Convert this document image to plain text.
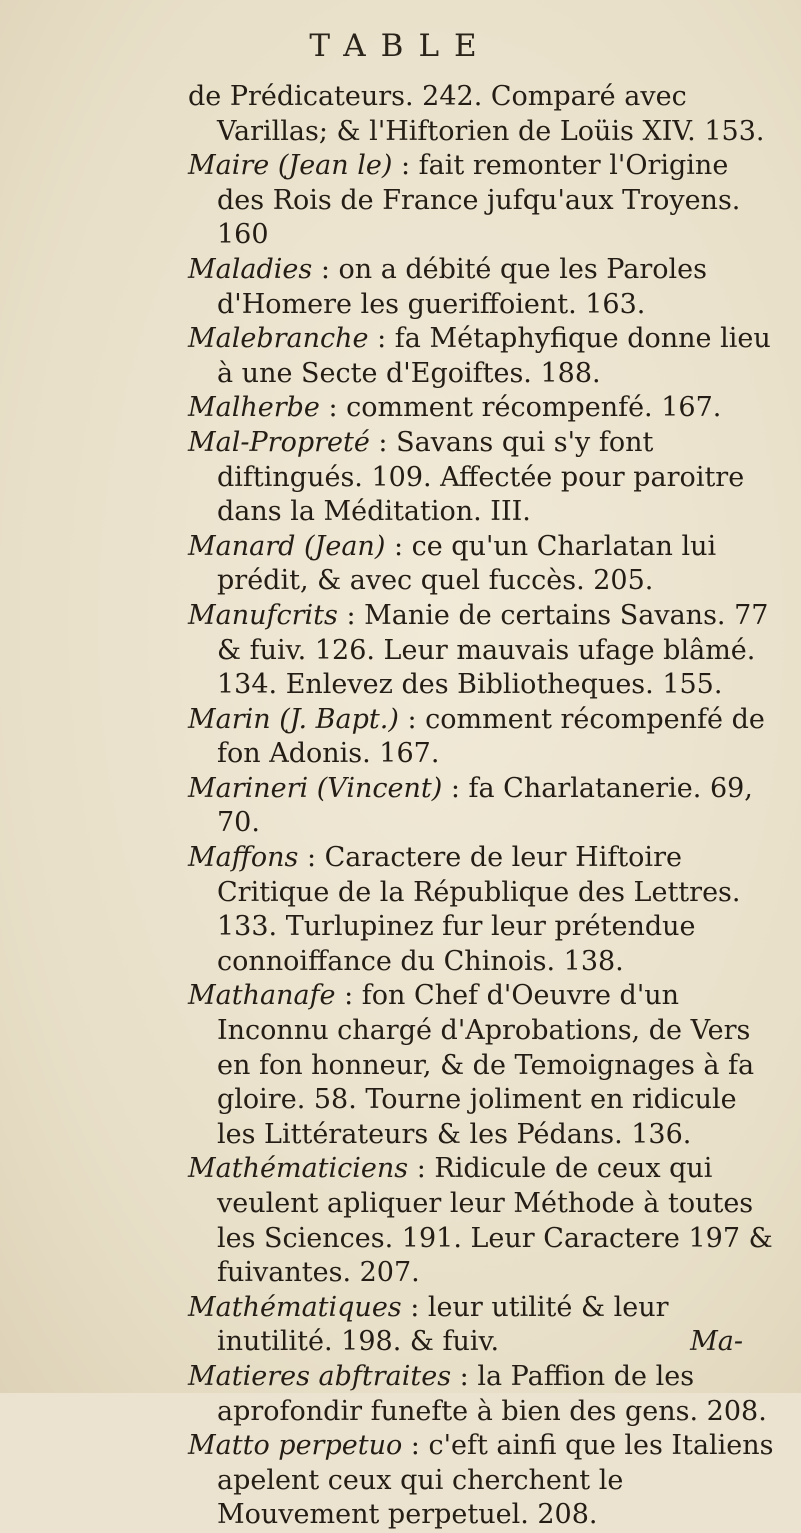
TABLE

de Prédicateurs. 242. Comparé avec Varillas; & l'Hiftorien de Loüis XIV. 153.

Maire (Jean le) : fait remonter l'Origine des Rois de France jufqu'aux Troyens. 160

Maladies : on a débité que les Paroles d'Homere les gueriffoient. 163.

Malebranche : fa Métaphyfique donne lieu à une Secte d'Egoiftes. 188.

Malherbe : comment récompenfé. 167.

Mal-Propreté : Savans qui s'y font diftingués. 109. Affectée pour paroitre dans la Méditation. III.

Manard (Jean) : ce qu'un Charlatan lui prédit, & avec quel fuccès. 205.

Manufcrits : Manie de certains Savans. 77 & fuiv. 126. Leur mauvais ufage blâmé. 134. Enlevez des Bibliotheques. 155.

Marin (J. Bapt.) : comment récompenfé de fon Adonis. 167.

Marineri (Vincent) : fa Charlatanerie. 69, 70.

Maffons : Caractere de leur Hiftoire Critique de la République des Lettres. 133. Turlupinez fur leur prétendue connoiffance du Chinois. 138.

Mathanafe : fon Chef d'Oeuvre d'un Inconnu chargé d'Aprobations, de Vers en fon honneur, & de Temoignages à fa gloire. 58. Tourne joliment en ridicule les Littérateurs & les Pédans. 136.

Mathématiciens : Ridicule de ceux qui veulent apliquer leur Méthode à toutes les Sciences. 191. Leur Caractere 197 & fuivantes. 207.

Mathématiques : leur utilité & leur inutilité. 198. & fuiv.

Matieres abftraites : la Paffion de les aprofondir funefte à bien des gens. 208.

Matto perpetuo : c'eft ainfi que les Italiens apelent ceux qui cherchent le Mouvement perpetuel. 208.

Ma-
